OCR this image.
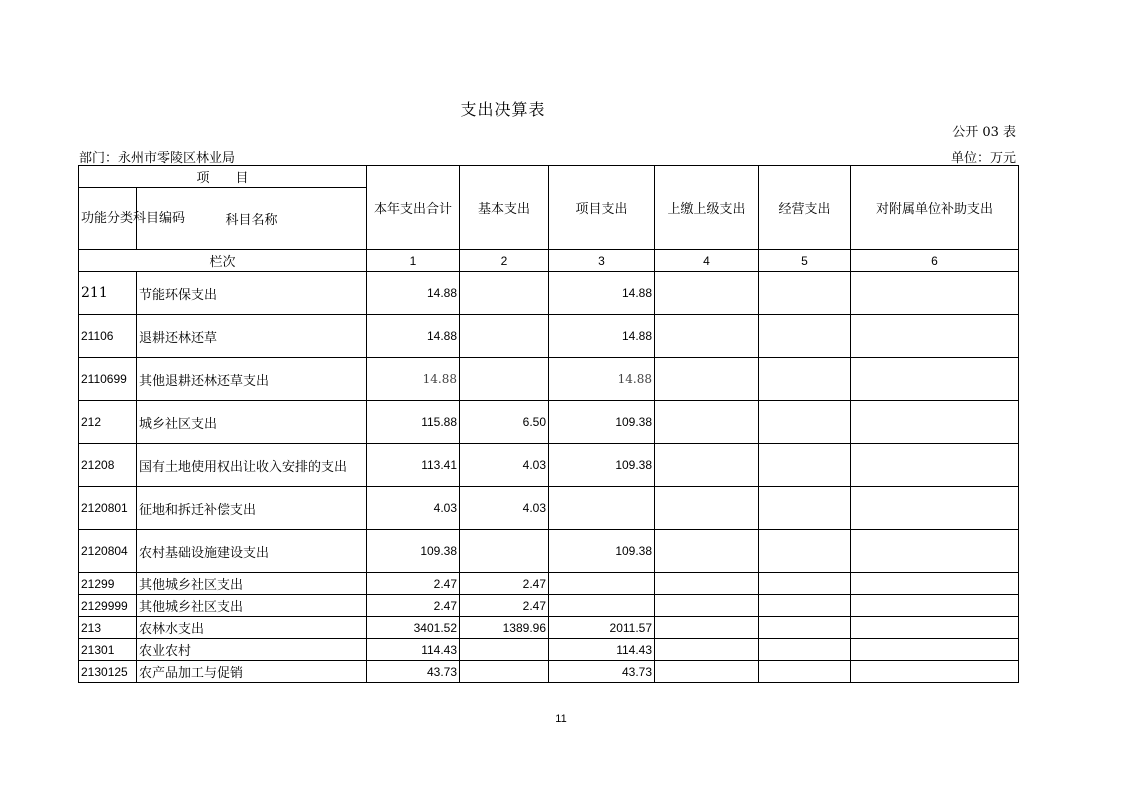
支出决算表
公开 03 表
部门：永州市零陵区林业局	单位：万元
项　　目		本年支出合计	基本支出	项目支出	上缴上级支出	经营支出	对附属单位补助支出
功能分类科目编码	科目名称						
栏次		1	2	3	4	5	6
211	节能环保支出	14.88		14.88			
21106	退耕还林还草	14.88		14.88			
2110699	其他退耕还林还草支出	14.88		14.88			
212	城乡社区支出	115.88	6.50	109.38			
21208	国有土地使用权出让收入安排的支出	113.41	4.03	109.38			
2120801	征地和拆迁补偿支出	4.03	4.03				
2120804	农村基础设施建设支出	109.38		109.38			
21299	其他城乡社区支出	2.47	2.47				
2129999	其他城乡社区支出	2.47	2.47				
213	农林水支出	3401.52	1389.96	2011.57			
21301	农业农村	114.43		114.43			
2130125	农产品加工与促销	43.73		43.73			
11
